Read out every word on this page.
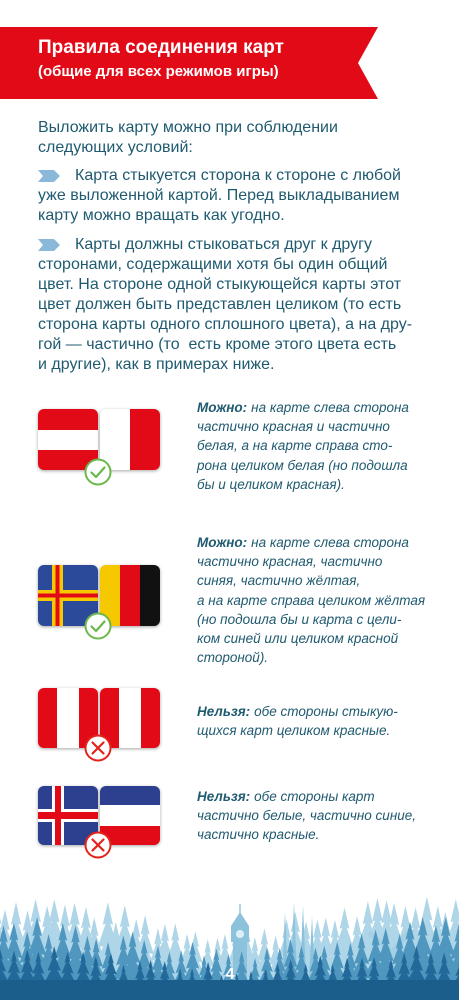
Правила соединения карт
(общие для всех режимов игры)
Выложить карту можно при соблюдении
следующих условий:
Карта стыкуется сторона к стороне с любой
уже выложенной картой. Перед выкладыванием
карту можно вращать как угодно.
Карты должны стыковаться друг к другу
сторонами, содержащими хотя бы один общий
цвет. На стороне одной стыкующейся карты этот
цвет должен быть представлен целиком (то есть
сторона карты одного сплошного цвета), а на дру-
гой — частично (то  есть кроме этого цвета есть
и другие), как в примерах ниже.
Можно: на карте слева сторона
частично красная и частично
белая, а на карте справа сто-
рона целиком белая (но подошла
бы и целиком красная).
Можно: на карте слева сторона
частично красная, частично
синяя, частично жёлтая,
а на карте справа целиком жёлтая
(но подошла бы и карта с цели-
ком синей или целиком красной
стороной).
Нельзя: обе стороны стыкую-
щихся карт целиком красные.
Нельзя: обе стороны карт
частично белые, частично синие,
частично красные.
4
